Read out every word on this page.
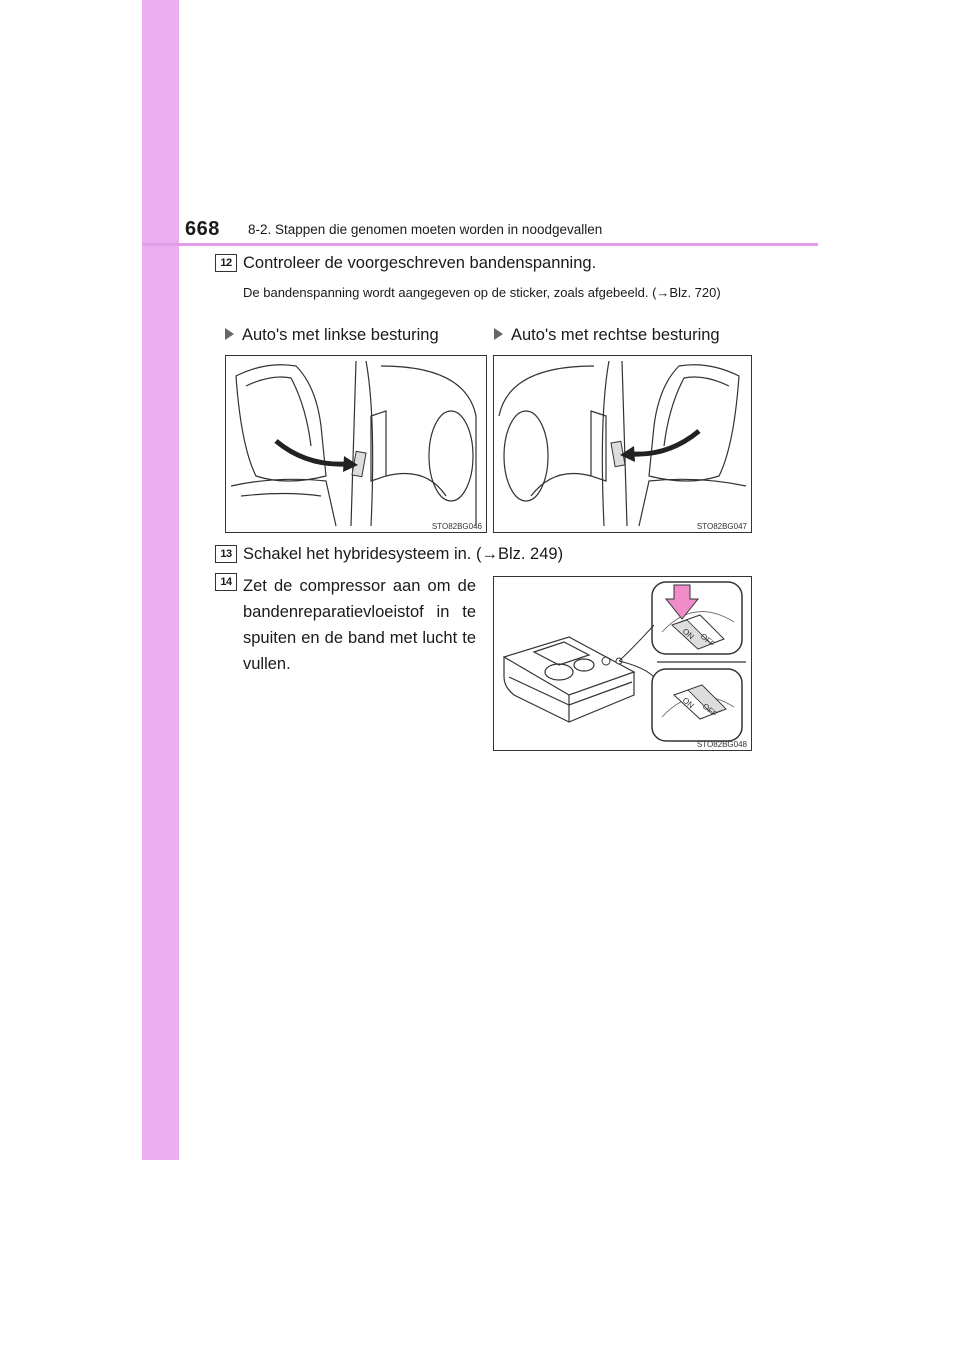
668 8-2. Stappen die genomen moeten worden in noodgevallen
12 Controleer de voorgeschreven bandenspanning.
De bandenspanning wordt aangegeven op de sticker, zoals afgebeeld. (→Blz. 720)
Auto's met linkse besturing	Auto's met rechtse besturing
STO82BG046	STO82BG047
13 Schakel het hybridesysteem in. (→Blz. 249)
14 Zet de compressor aan om de bandenreparatievloeistof in te spuiten en de band met lucht te vullen.
ON OFF
ON OFF
STO82BG048
